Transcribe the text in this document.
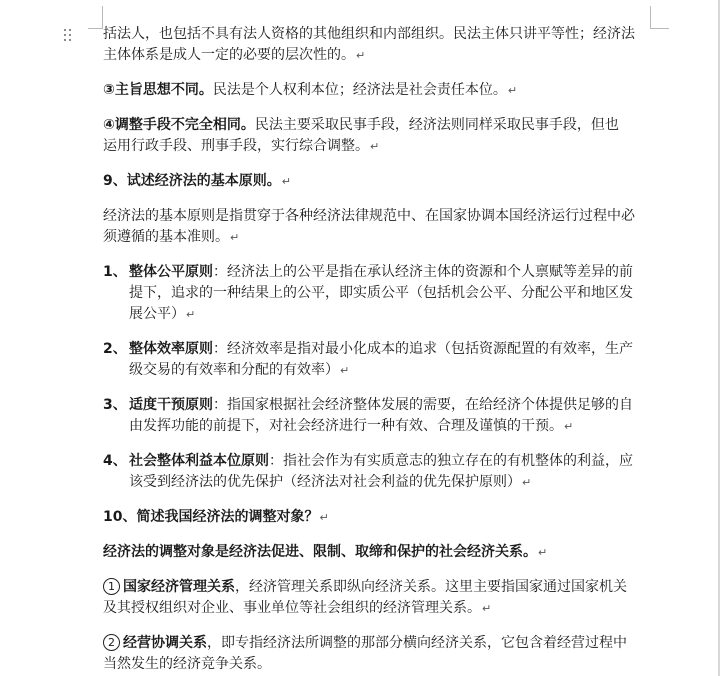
括法人，也包括不具有法人资格的其他组织和内部组织。民法主体只讲平等性；经济法
主体体系是成人一定的必要的层次性的。↵

③主旨思想不同。民法是个人权利本位；经济法是社会责任本位。↵

④调整手段不完全相同。民法主要采取民事手段，经济法则同样采取民事手段，但也
运用行政手段、刑事手段，实行综合调整。↵

9、试述经济法的基本原则。↵

经济法的基本原则是指贯穿于各种经济法律规范中、在国家协调本国经济运行过程中必
须遵循的基本准则。↵

1、 整体公平原则：经济法上的公平是指在承认经济主体的资源和个人禀赋等差异的前
提下，追求的一种结果上的公平，即实质公平（包括机会公平、分配公平和地区发
展公平）↵
2、 整体效率原则：经济效率是指对最小化成本的追求（包括资源配置的有效率，生产
级交易的有效率和分配的有效率）↵
3、 适度干预原则：指国家根据社会经济整体发展的需要，在给经济个体提供足够的自
由发挥功能的前提下，对社会经济进行一种有效、合理及谨慎的干预。↵
4、 社会整体利益本位原则：指社会作为有实质意志的独立存在的有机整体的利益，应
该受到经济法的优先保护（经济法对社会利益的优先保护原则）↵

10、简述我国经济法的调整对象？↵

经济法的调整对象是经济法促进、限制、取缔和保护的社会经济关系。↵

1 国家经济管理关系，经济管理关系即纵向经济关系。这里主要指国家通过国家机关
及其授权组织对企业、事业单位等社会组织的经济管理关系。↵

2 经营协调关系，即专指经济法所调整的那部分横向经济关系，它包含着经营过程中
当然发生的经济竞争关系。
